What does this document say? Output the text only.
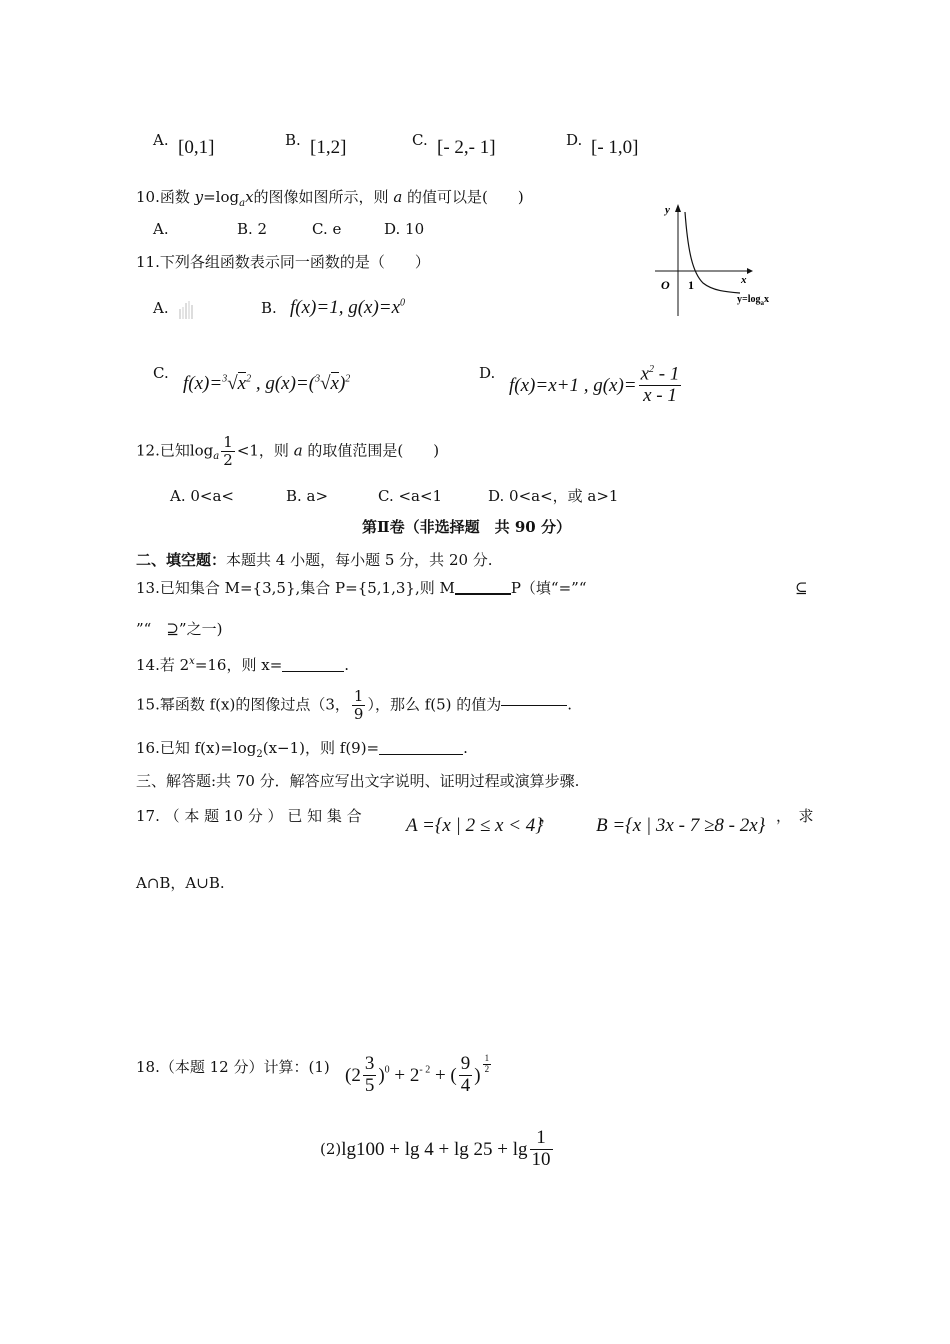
A. [0,1]	B. [1,2]	C. [- 2,- 1]	D. [- 1,0]
10.函数 $y=\log_ax$的图像如图所示，则 a 的值可以是(　　)
A.	B. 2	C. e	D. 10
y
x
O 1
$y=\log_ax$
11.下列各组函数表示同一函数的是（　　）
A.	B. f(x)=1, $g(x)=x^0$
C. $f(x)=^3√x^2$ , $g(x)=(^3√x)^2$	D.
f(x)=x+1 , $g(x)= \frac{x^2 - 1}{x - 1}$
12.已知$\log_a \frac{1}{2} <1$，则 a 的取值范围是(　　)
A. 0<a<	B. a>	C. <a<1	D. 0<a<，或 a>1
第Ⅱ卷（非选择题　共 90 分）
二、填空题：本题共 4 小题，每小题 5 分，共 20 分.
13.已知集合 M={3,5},集合 P={5,1,3},则 M	P（填“=”“	⊆
”“　⊇”之一)
14.若 $2^x=16$，则 x=	.
15.幂函数 f(x)的图像过点（3， $\frac{1}{9}$ ），那么 f(5) 的值为	.
16.已知 $f(x)=\log_2(x-1)$，则 f(9)=	.
三、解答题:共 70 分．解答应写出文字说明、证明过程或演算步骤.
17. （ 本 题 10 分 ） 已 知 集 合 A ={x | 2 ≤ x < 4}
， B ={x | 3x - 7 ≥8 - 2x} ，　求
A∩B，A∪B.
18.（本题 12 分）计算：(1) $(2 \frac{3}{5} )^0 + 2^{- 2}$ + ( $\frac{9}{4}$ )
$\frac{1}{2}$
$(2)\lg 100 + \lg 4 + \lg 25 + \lg \frac{1}{10}$
